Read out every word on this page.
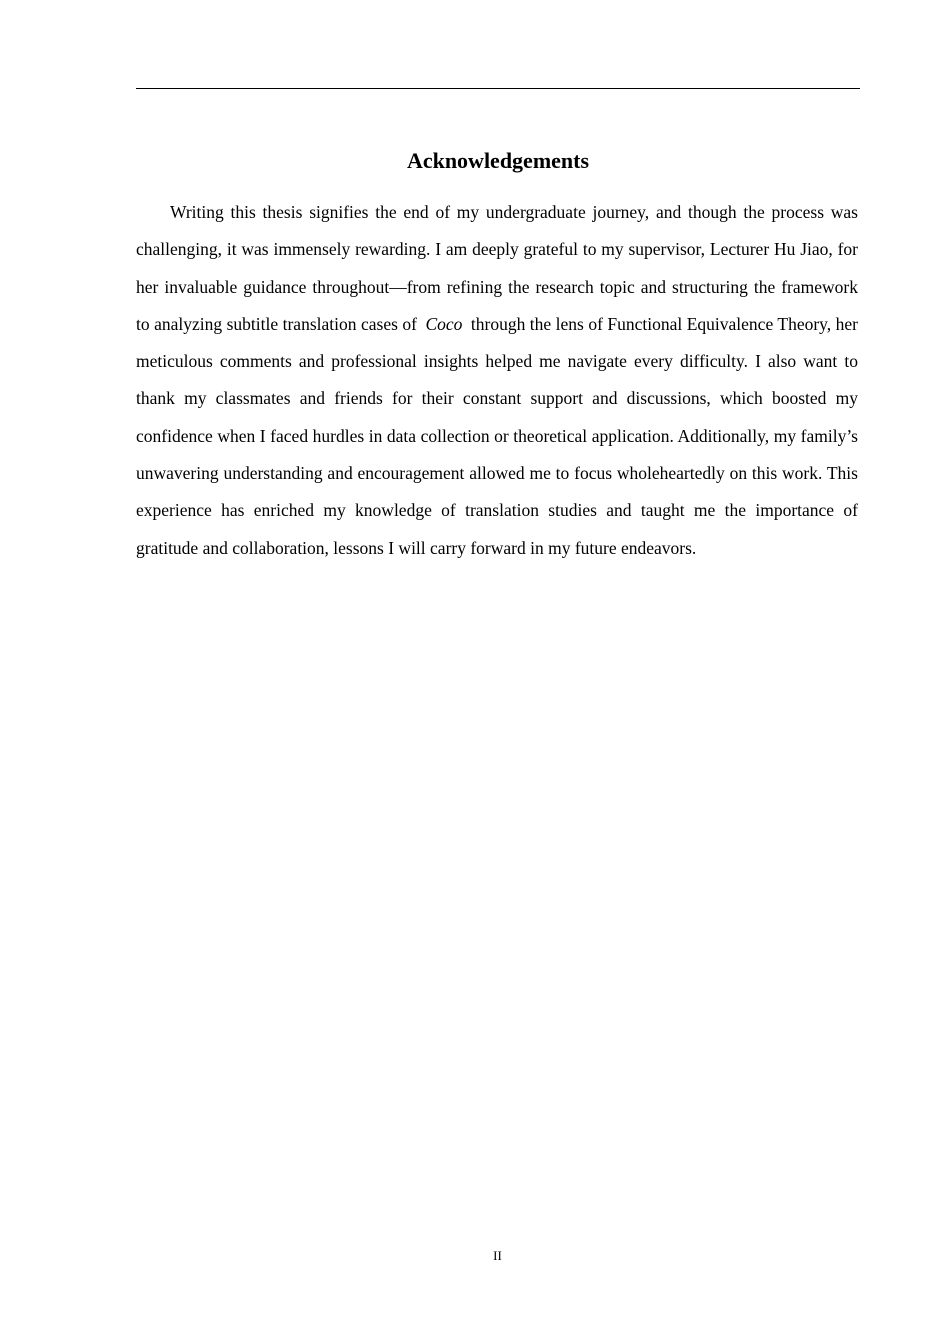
Acknowledgements

Writing this thesis signifies the end of my undergraduate journey, and though the process was challenging, it was immensely rewarding. I am deeply grateful to my supervisor, Lecturer Hu Jiao, for her invaluable guidance throughout—from refining the research topic and structuring the framework to analyzing subtitle translation cases of Coco through the lens of Functional Equivalence Theory, her meticulous comments and professional insights helped me navigate every difficulty. I also want to thank my classmates and friends for their constant support and discussions, which boosted my confidence when I faced hurdles in data collection or theoretical application. Additionally, my family’s unwavering understanding and encouragement allowed me to focus wholeheartedly on this work. This experience has enriched my knowledge of translation studies and taught me the importance of gratitude and collaboration, lessons I will carry forward in my future endeavors.

II
